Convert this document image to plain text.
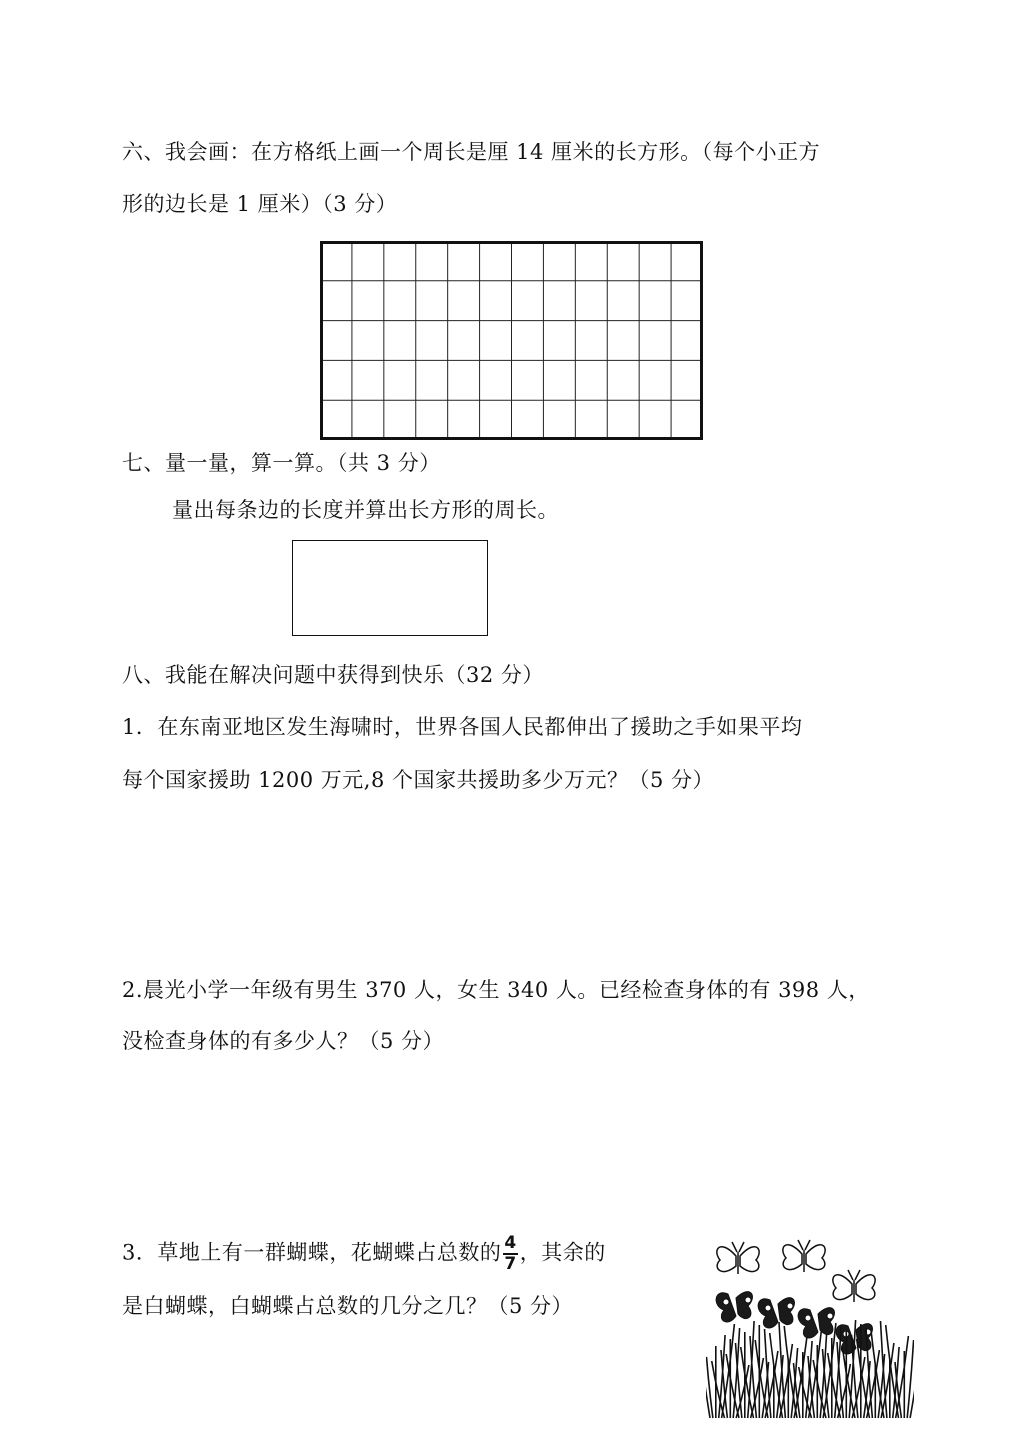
六、我会画：在方格纸上画一个周长是厘 14 厘米的长方形。（每个小正方
形的边长是 1 厘米）（3 分）
七、量一量，算一算。（共 3 分）
量出每条边的长度并算出长方形的周长。
八、我能在解决问题中获得到快乐（32 分）
1．在东南亚地区发生海啸时，世界各国人民都伸出了援助之手如果平均
每个国家援助 1200 万元,8 个国家共援助多少万元？（5 分）
2.晨光小学一年级有男生 370 人，女生 340 人。已经检查身体的有 398 人，
没检查身体的有多少人？（5 分）
3．草地上有一群蝴蝶，花蝴蝶占总数的 $\frac{4}{7}$ ，其余的
是白蝴蝶，白蝴蝶占总数的几分之几？（5 分）
